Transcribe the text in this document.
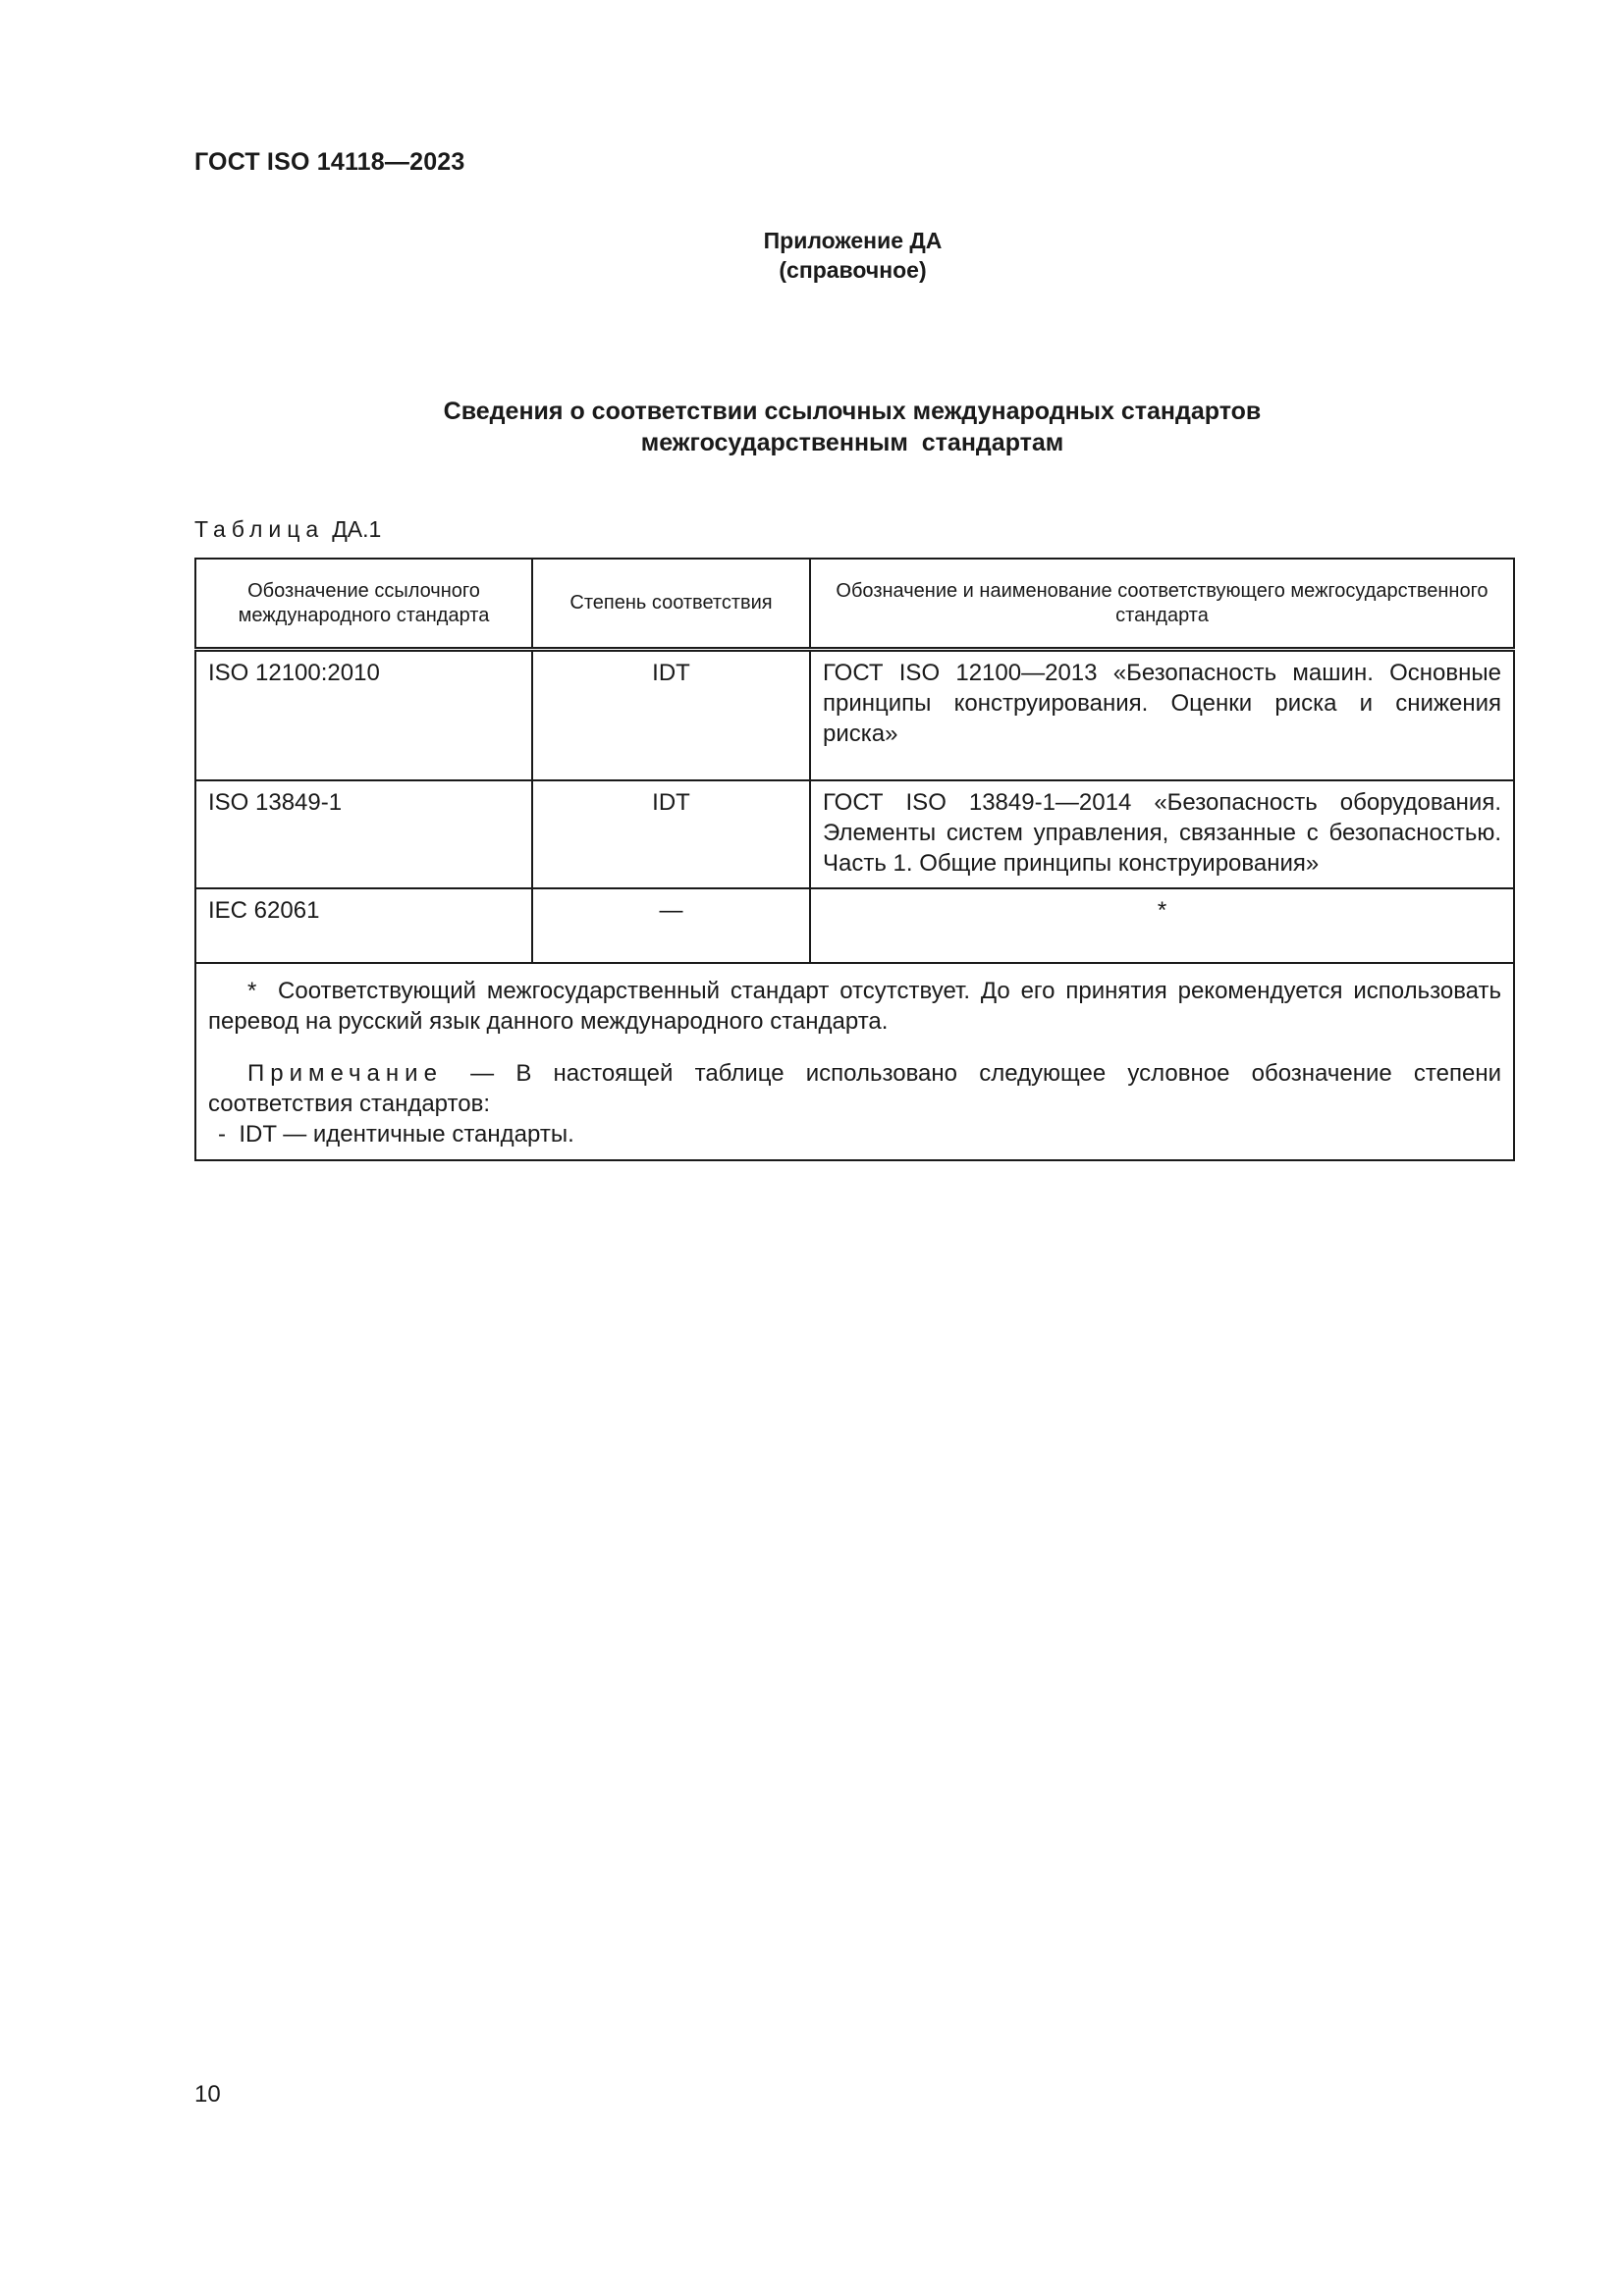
ГОСТ ISO 14118—2023
Приложение ДА
(справочное)
Сведения о соответствии ссылочных международных стандартов
межгосударственным  стандартам
Таблица ДА.1
Обозначение ссылочного международного стандарта	Степень соответствия	Обозначение и наименование соответствующего межгосударственного стандарта
ISO 12100:2010	IDT	ГОСТ ISO 12100—2013 «Безопасность машин. Основные принципы конструирования. Оценки риска и снижения риска»
ISO 13849-1	IDT	ГОСТ ISO 13849-1—2014 «Безопасность оборудования. Элементы систем управления, связанные с безопасностью. Часть 1. Общие принципы конструирования»
IEC 62061	—	*

*  Соответствующий межгосударственный стандарт отсутствует. До его принятия рекомендуется использовать перевод на русский язык данного международного стандарта.
Примечание — В настоящей таблице использовано следующее условное обозначение степени соответствия стандартов:
-  IDT — идентичные стандарты.		
10
